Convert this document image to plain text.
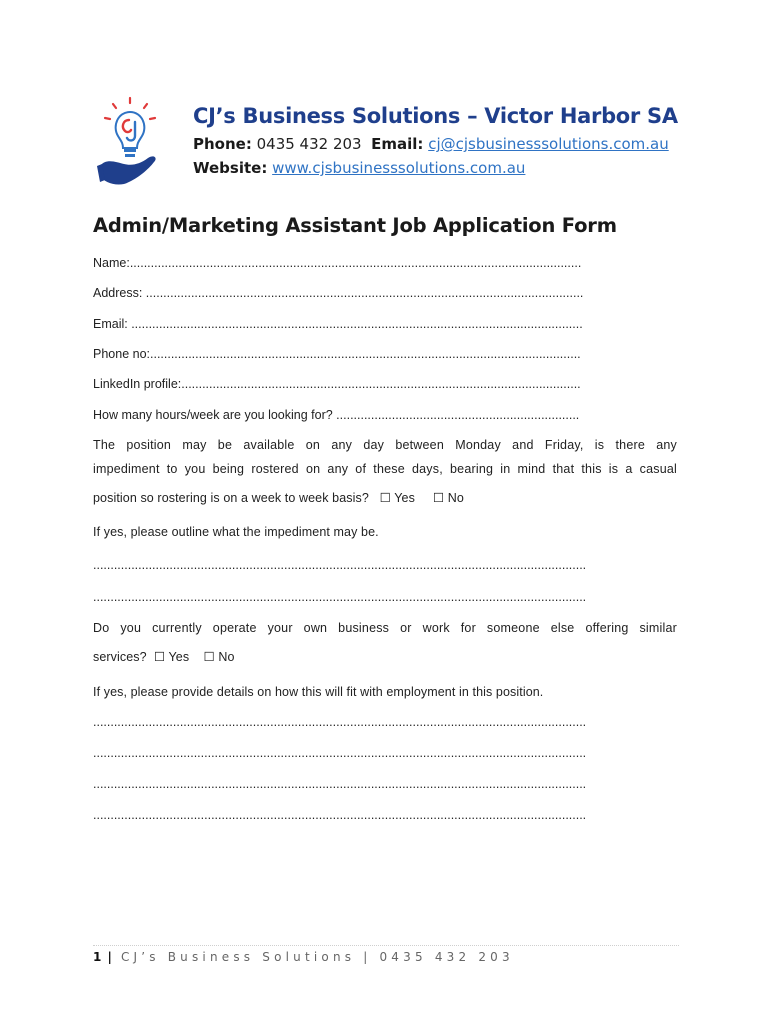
CJ’s Business Solutions – Victor Harbor SA
Phone: 0435 432 203 Email: cj@cjsbusinesssolutions.com.au
Website: www.cjsbusinesssolutions.com.au
Admin/Marketing Assistant Job Application Form
Name:..................................................................................................................................
Address: ..............................................................................................................................
Email: ..................................................................................................................................
Phone no:............................................................................................................................
LinkedIn profile:...................................................................................................................
How many hours/week are you looking for? ......................................................................
The position may be available on any day between Monday and Friday, is there any
impediment to you being rostered on any of these days, bearing in mind that this is a casual
position so rostering is on a week to week basis? ☐ Yes ☐ No
If yes, please outline what the impediment may be.
..............................................................................................................................................
..............................................................................................................................................
Do you currently operate your own business or work for someone else offering similar
services? ☐ Yes ☐ No
If yes, please provide details on how this will fit with employment in this position.
..............................................................................................................................................
..............................................................................................................................................
..............................................................................................................................................
..............................................................................................................................................
1 | CJ’s Business Solutions | 0435 432 203
